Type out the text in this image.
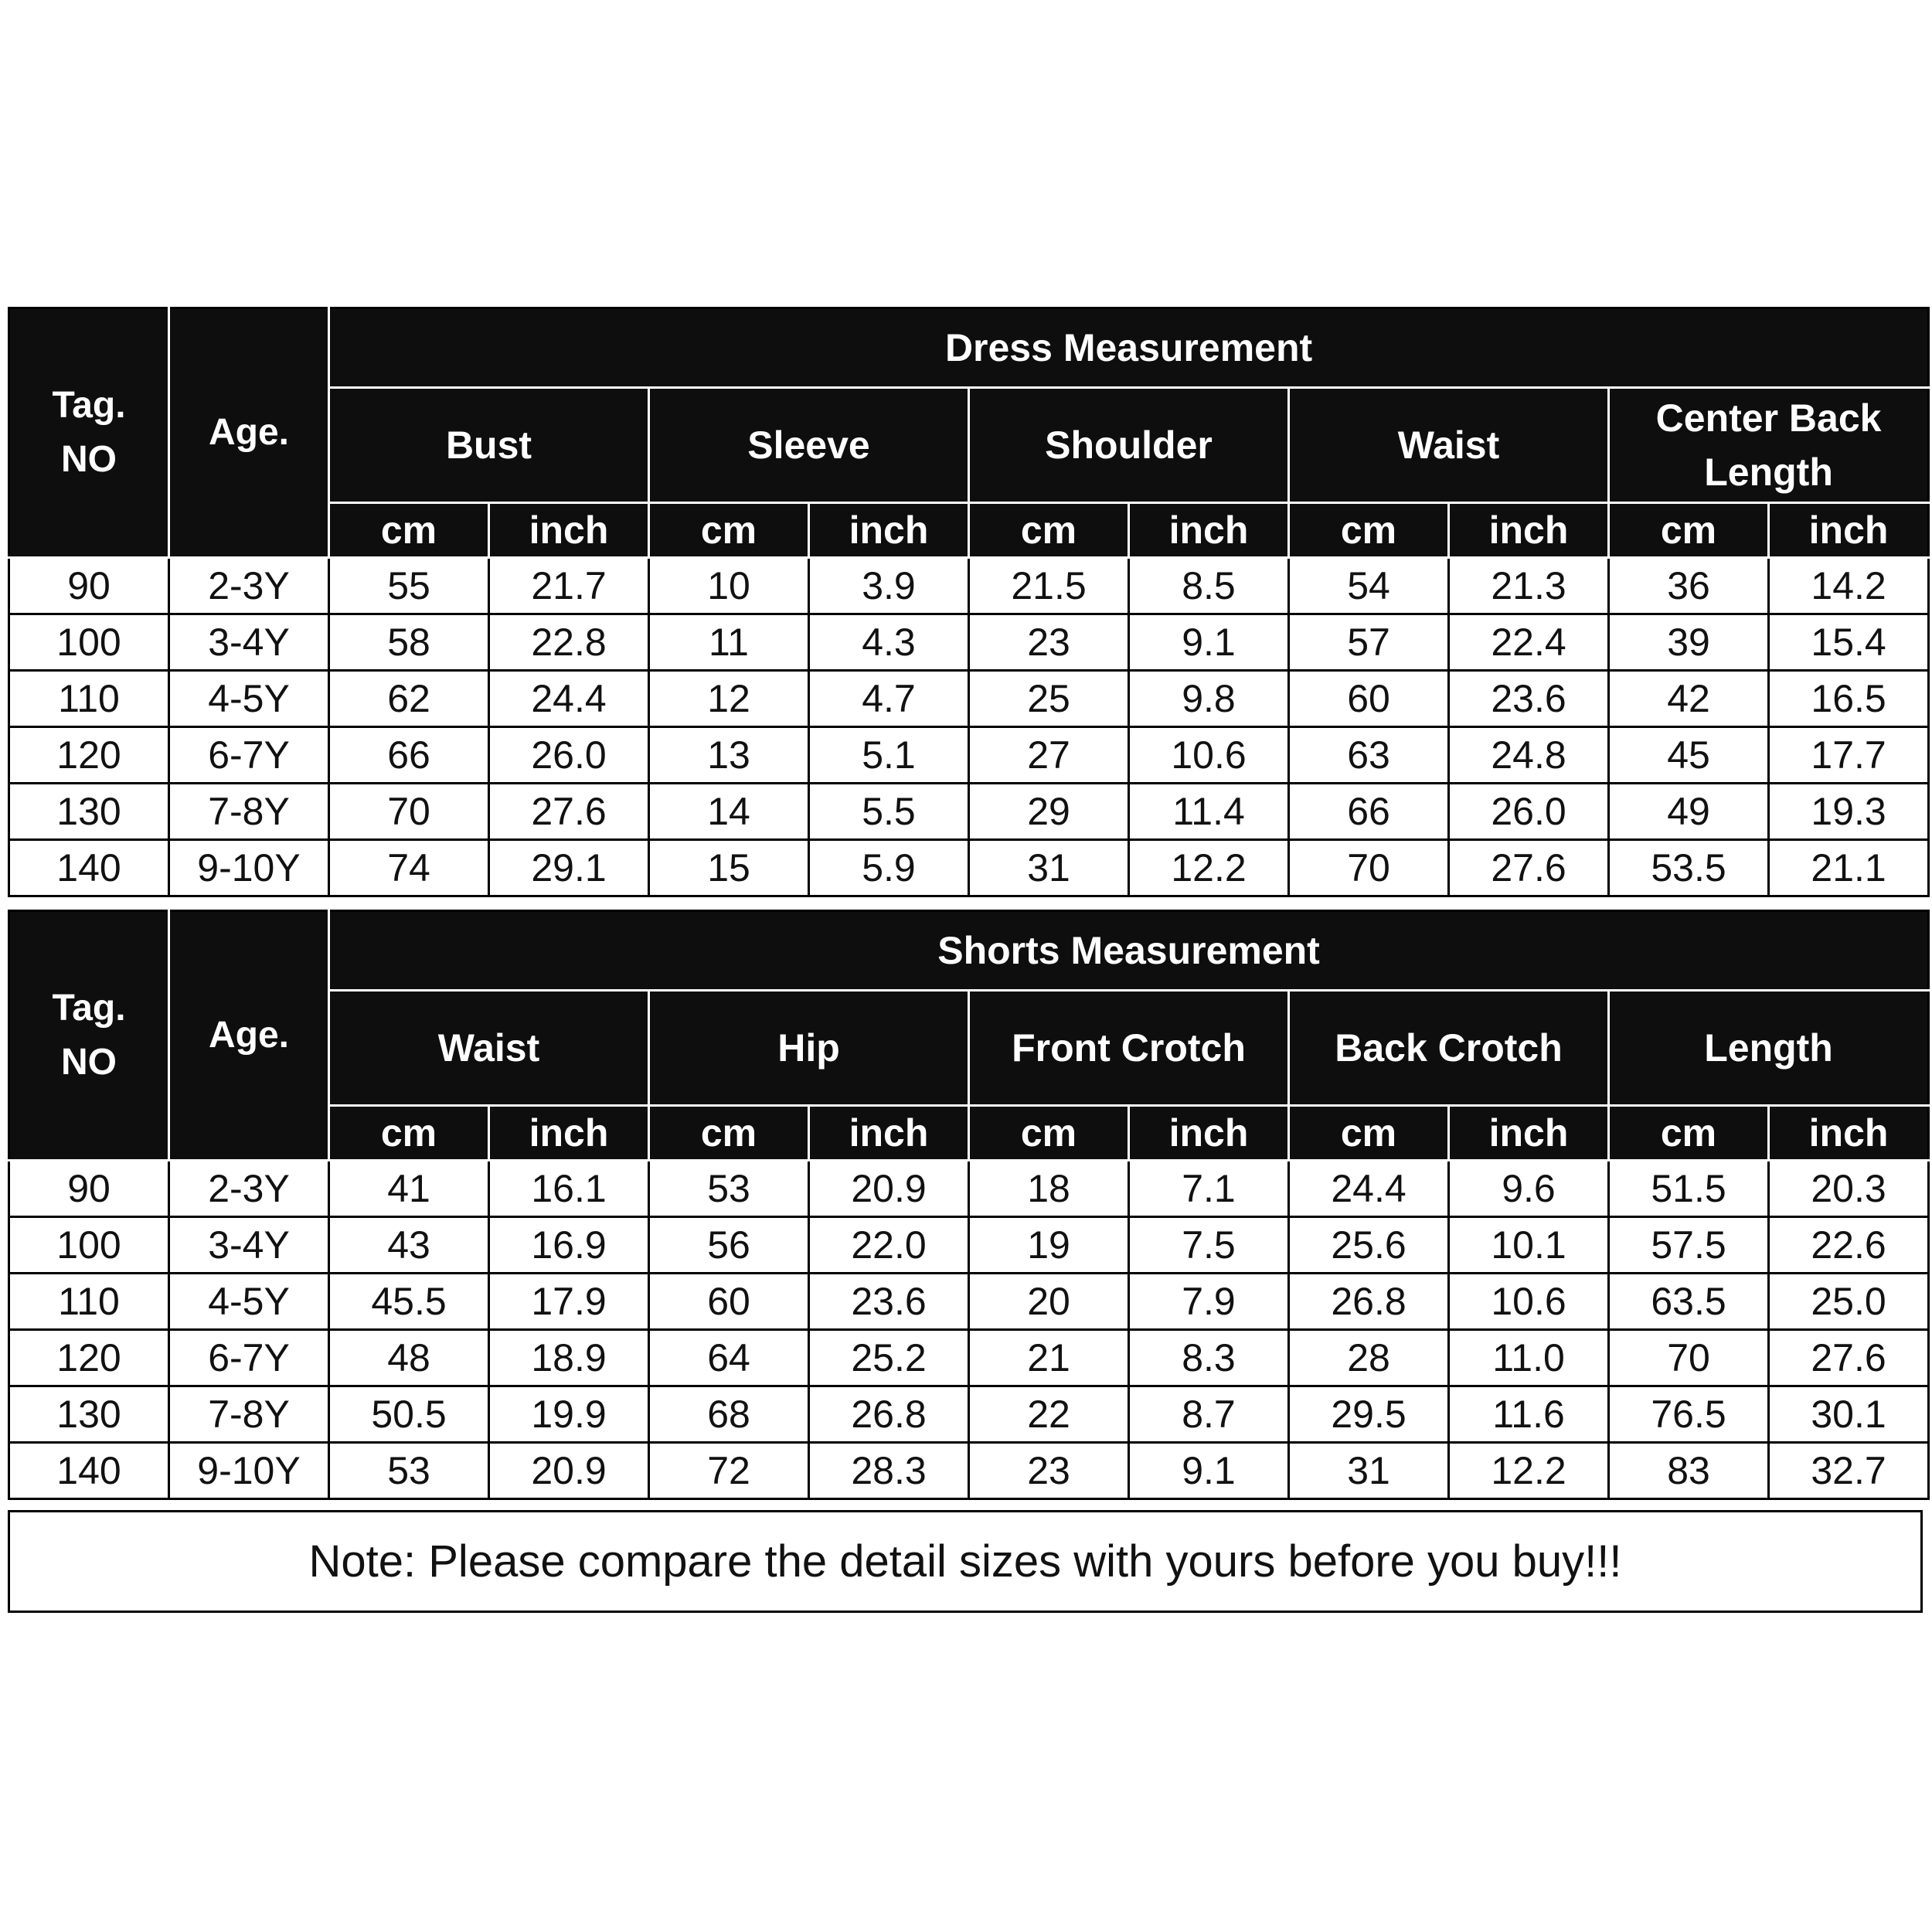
Tag. NO	Age.	Dress Measurement									
		Bust		Sleeve		Shoulder		Waist		Center Back Length	
		cm	inch	cm	inch	cm	inch	cm	inch	cm	inch
90	2-3Y	55	21.7	10	3.9	21.5	8.5	54	21.3	36	14.2
100	3-4Y	58	22.8	11	4.3	23	9.1	57	22.4	39	15.4
110	4-5Y	62	24.4	12	4.7	25	9.8	60	23.6	42	16.5
120	6-7Y	66	26.0	13	5.1	27	10.6	63	24.8	45	17.7
130	7-8Y	70	27.6	14	5.5	29	11.4	66	26.0	49	19.3
140	9-10Y	74	29.1	15	5.9	31	12.2	70	27.6	53.5	21.1
Tag. NO	Age.	Shorts Measurement									
		Waist		Hip		Front Crotch		Back Crotch		Length	
		cm	inch	cm	inch	cm	inch	cm	inch	cm	inch
90	2-3Y	41	16.1	53	20.9	18	7.1	24.4	9.6	51.5	20.3
100	3-4Y	43	16.9	56	22.0	19	7.5	25.6	10.1	57.5	22.6
110	4-5Y	45.5	17.9	60	23.6	20	7.9	26.8	10.6	63.5	25.0
120	6-7Y	48	18.9	64	25.2	21	8.3	28	11.0	70	27.6
130	7-8Y	50.5	19.9	68	26.8	22	8.7	29.5	11.6	76.5	30.1
140	9-10Y	53	20.9	72	28.3	23	9.1	31	12.2	83	32.7
Note: Please compare the detail sizes with yours before you buy!!!
